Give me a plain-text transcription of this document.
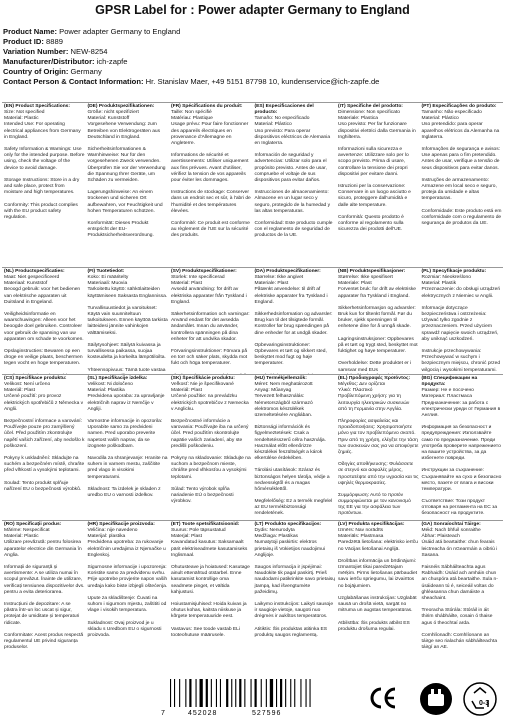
GPSR Label for : Power adapter Germany to England
Product Name: Power adapter Germany to England
Product ID: 8889
Variation Number: NEW-8254
Manufacturer/Distributor: ich-zapfe
Country of Origin: Germany
Contact Person & Contact Information: Hr. Stanislav Maer, +49 5151 87798 10, kundenservice@ich-zapfe.de
(EN) Product Specifications:
Size: Not specified
Material: Plastic
Intended Use: For operating electrical appliances from Germany in England.

Safety Information & Warnings: Use only for the intended purpose. Before using, check the voltage of the device to avoid damage.

Storage Instructions: Store in a dry and safe place, protect from moisture and high temperatures.

Conformity: This product complies with the EU product safety regulation.
(DE) Produktspezifikationen:
Größe: nicht spezifiziert
Material: Kunststoff
Vorgesehene Verwendung: zum Betreiben von Elektrogeräten aus Deutschland in England.

Sicherheitsinformationen & Warnhinweise: Nur für den vorgesehenen Zweck verwenden. Überprüfen Sie vor der Verwendung die Spannung Ihrer Geräte, um Schäden zu vermeiden.

Lagerungshinweise: An einem trockenen und sicheren Ort aufbewahren, vor Feuchtigkeit und hohen Temperaturen schützen.

Konformität: Dieses Produkt entspricht der EU-Produktsicherheitsverordnung.
(FR) Spécifications du produit:
Taille: Non spécifié
Matériau: Plastique
Usage prévu: Pour faire fonctionner des appareils électriques en provenance d'Allemagne en Angleterre.

Informations de sécurité et avertissements: Utiliser uniquement aux fins prévues. Avant d'utiliser, vérifiez la tension de vos appareils pour éviter les dommages.

Instructions de stockage: Conserver dans un endroit sec et sûr, à l'abri de l'humidité et des températures élevées.

Conformité: Ce produit est conforme au règlement de l'UE sur la sécurité des produits.
(ES) Especificaciones del producto:
Tamaño: No especificado
Material: Plástico
Uso previsto: Para operar dispositivos eléctricos de Alemania en Inglaterra.

Información de seguridad y advertencias: Utilizar solo para el propósito previsto. Antes de usar, compruebe el voltaje de sus dispositivos para evitar daños.

Instrucciones de almacenamiento: Almacene en un lugar seco y seguro, protegido de la humedad y las altas temperaturas.

Conformidad: Este producto cumple con el reglamento de seguridad de productos de la UE.
(IT) Specifiche del prodotto:
Dimensione: Non specificato
Materiale: Plastica
Uso previsto: Per far funzionare dispositivi elettrici dalla Germania in Inghilterra.

Informazioni sulla sicurezza e avvertenze: Utilizzare solo per lo scopo previsto. Prima di usare, controllare la tensione dei propri dispositivi per evitare danni.

Istruzioni per la conservazione: Conservare in un luogo asciutto e sicuro, proteggere dall'umidità e dalle alte temperature.

Conformità: Questo prodotto è conforme al regolamento sulla sicurezza dei prodotti dell'UE.
(PT) Especificações do produto:
Tamanho: Não especificado
Material: Plástico
Uso pretendido: para operar aparelhos elétricos da Alemanha na Inglaterra.

Informações de segurança e avisos: Use apenas para o fim pretendido. Antes de usar, verifique a tensão de seus dispositivos para evitar danos.

Instruções de armazenamento: Armazene em local seco e seguro, proteja da umidade e altas temperaturas.

Conformidade: Este produto está em conformidade com o regulamento de segurança de produtos da UE.
(NL) Productspecificaties:
Maat: Niet gespecificeerd
Materiaal: Kunststof
Beoogd gebruik: voor het bedienen van elektrische apparaten uit Duitsland in Engeland.

Veiligheidsinformatie en waarschuwingen: Alleen voor het beoogde doel gebruiken. Controleer voor gebruik de spanning van uw apparaten om schade te voorkomen.

Opslaginstructies: Bewaren op een droge en veilige plaats, beschermen tegen vocht en hoge temperaturen.

(FI) Tuotetiedot:
Koko: Ei määritelty
Materiaali: Muovia
Tarkoitettu käyttö: sähkölaitteiden käyttämiseen Saksasta Englannissa.

Turvallisuustiedot ja varoitukset: Käytä vain suunniteltuun tarkoitukseen. Ennen käyttöä tarkista laitteidesi jännite vahinkojen välttämiseksi.

Säilytysohjeet: Säilytä kuivassa ja turvallisessa paikassa, suojaa kosteudelta ja korkeilta lämpötiloilta.

Yhteensopivuus: Tämä tuote vastaa
(SV) Produktspecifikationer:
Storlek: Inte specificerad
Material: Plast
Avsedd användning: för drift av elektriska apparater från Tyskland i England.

Säkerhetsinformation och varningar: Använd endast för det avsedda ändamålet. Innan du använder, kontrollera spänningen på dina enheter för att undvika skador.

Förvaringsinstruktioner: Förvara på en torr och säker plats, skydda mot fukt och höga temperaturer.

(DA) Produktspecifikationer:
Størrelse: Ikke angivet
Materiale: Plast
Påtænkt anvendelse: til drift af elektriske apparater fra Tyskland i England.

Sikkerhedsinformation og advarsler: Brug kun til det tilsigtede formål. Kontroller før brug spændingen på dine enheder for at undgå skader.

Opbevaringsinstruktioner: Opbevares et tørt og sikkert sted, beskyttet mod fugt og høje temperaturer.

(NB) Produktspesifikasjoner:
Størrelse: Ikke spesifisert
Materiale: Plast
Forventet bruk: for drift av elektriske apparater fra Tyskland i England.

Sikkerhetsinformasjon og advarsler: Bruk kun for tiltenkt formål. Før du bruker, sjekk spenningen til enhetene dine for å unngå skade.

Lagringsinstruksjoner: Oppbevares på et tørt og trygt sted, beskyttet mot fuktighet og høye temperaturer.

Overholdelse: Dette produktet er i samsvar med EUs
(PL) Specyfikacje produktu:
Rozmiar: Nieokreślono
Materiał: Plastik
Przeznaczenie: do obsługi urządzeń elektrycznych z Niemiec w Anglii.

Informacje dotyczące bezpieczeństwa i ostrzeżenia: Używać tylko zgodnie z przeznaczeniem. Przed użyciem sprawdź napięcie swoich urządzeń, aby uniknąć uszkodzeń.

Instrukcje przechowywania: Przechowywać w suchym i bezpiecznym miejscu, chronić przed wilgocią i wysokimi temperaturami.

(CS) Specifikace produktu:
Velikost: Není určeno
Materiál: Plast
Určené použití: pro provoz elektrických spotřebičů z Německa v Anglii.

Bezpečnostní informace a varování: Používejte pouze pro zamýšlený účel. Před použitím zkontrolujte napětí vašich zařízení, aby nedošlo k poškození.

Pokyny k uskladnění: Skladujte na suchém a bezpečném místě, chraňte před vlhkostí a vysokými teplotami.

Soulad: Tento produkt splňuje nařízení EU o bezpečnosti výrobků.
(SL) Specifikacije izdelka:
Velikost: Ni določeno
Material: Plastika
Predvidena uporaba: za upravljanje električnih naprav iz Nemčije v Angliji.

Varnostne informacije in opozorila: Uporabite samo za predvideni namen. Pred uporabo preverite napetost vaših naprav, da se izognete poškodbam.

Navodila za shranjevanje: Hranite na suhem in varnem mestu, zaščitite pred vlago in visokimi temperaturami.

Skladnost: Ta izdelek je skladen z uredbo EU o varnosti izdelkov.
(SK) Špecifikácie produktu:
Veľkosť: Nie je špecifikované
Materiál: Plast
Určené použitie: na prevádzku elektrických spotrebičov z Nemecka v Anglicku.

Bezpečnostné informácie a varovania: Používajte iba na určený účel. Pred použitím skontrolujte napätie vašich zariadení, aby ste predišli poškodeniu.

Pokyny na skladovanie: Skladujte na suchom a bezpečnom mieste, chráňte pred vlhkosťou a vysokými teplotami.

Súlad: Tento výrobok spĺňa nariadenie EÚ o bezpečnosti výrobkov.
(HU) Termékjellemzők:
Méret: Nem meghatározott
Anyag: Műanyag
Tervezett felhasználás: Németországból származó elektromos készülékek üzemeltetésére Angliában.

Biztonsági információk és figyelmeztetések: Csak a rendeltetésszerű célra használja. Használat előtt ellenőrizze készülékei feszültségét a károk elkerülése érdekében.

Tárolási utasítások: Száraz és biztonságos helyen tárolja, védje a nedvességtől és a magas hőmérséklettől.

Megfelelőség: Ez a termék megfelel az EU termékbiztonsági rendeletének.
(EL) Προδιαγραφές προϊόντος:
Μέγεθος: Δεν ορίζεται
Υλικό: Πλαστικό
Προβλεπόμενη χρήση: για τη λειτουργία ηλεκτρικών συσκευών από τη Γερμανία στην Αγγλία.

Πληροφορίες ασφαλείας και προειδοποιήσεις: Χρησιμοποιήστε μόνο για τον προβλεπόμενο σκοπό. Πριν από τη χρήση, ελέγξτε την τάση των συσκευών σας για να αποφύγετε ζημιές.

Οδηγίες αποθήκευσης: Φυλάσσετε σε στεγνό και ασφαλές μέρος, προστατέψτε από την υγρασία και τις υψηλές θερμοκρασίες.

Συμμόρφωση: Αυτό το προϊόν συμμορφώνεται με τον κανονισμό της ΕΕ για την ασφάλεια των προϊόντων.
(BG) Спецификации на продукта:
Размер: Не е посочено
Материал: Пластмаса
Предназначение: за работа с електрически уреди от Германия в Англия.

Информация за безопасност и предупреждения: Използвайте само по предназначение. Преди употреба проверете напрежението на вашите устройства, за да избегнете повреди.

Инструкции за съхранение: Съхранявайте на сухо и безопасно място, пазете от влага и високи температури.

Съответствие: Този продукт отговаря на регламента на ЕС за безопасност на продуктите.
(RO) Specificații produs:
Mărime: Nespecificat
Material: Plastic
Utilizare prevăzută: pentru folosirea aparatelor electrice din Germania în Anglia.

Informații de siguranță și avertismente: A se utiliza numai în scopul prevăzut. Înainte de utilizare, verificați tensiunea dispozitivelor dvs. pentru a evita deteriorarea.

Instrucțiuni de depozitare: A se păstra într-un loc uscat și sigur, protejat de umiditate și temperaturi ridicate.

Conformitate: Acest produs respectă regulamentul UE privind siguranța produselor.
(HR) Specifikacije proizvoda:
Veličina: nije navedeno
Materijal: plastika
Predviđena upotreba: za rukovanje električnim uređajima iz Njemačke u Engleskoj.

Sigurnosne informacije i upozorenja: Koristite samo za predviđenu svrhu. Prije upotrebe provjerite napon vaših uređaja kako biste izbjegli oštećenja.

Upute za skladištenje: Čuvati na suhom i sigurnom mjestu, zaštititi od vlage i visokih temperatura.

Sukladnost: Ovaj proizvod je u skladu s Uredbom EU o sigurnosti proizvoda.
(ET) Toote spetsifikatsioonid:
Suurus: Pole täpsustatud
Materjal: Plast
Kavandatud kasutus: Saksamaalt pärit elektriseadmete kasutamiseks Inglismaal.

Ohutusteave ja hoiatused: Kasutage ainult ettenähtud otstarbel. Enne kasutamist kontrollige oma seadmete pinget, et vältida kahjustusi.

Hoiustamisjuhised: Hoida kuivas ja ohutus kohas, kaitsta niiskuse ja kõrgete temperatuuride eest.

Vastavus: See toode vastab ELi tooteohutuse määrusele.
(LT) Produkto specifikacijos:
Dydis: Nenurodyta
Medžiaga: Plastikas
Numatytoji paskirtis: elektros prietaisų iš Vokietijos naudojimui Anglijoje.

Saugos informacija ir įspėjimai: Naudokite tik pagal paskirtį. Prieš naudodami patikrinkite savo prietaisų įtampą, kad išvengtumėte pažeidimų.

Laikymo instrukcijos: Laikyti sausoje ir saugioje vietoje, saugoti nuo drėgmės ir aukštos temperatūros.

Atitiktis: Šis produktas atitinka ES produktų saugos reglamentą.
(LV) Produkta specifikācijas:
Izmērs: Nav norādīts
Materiāls: Plastmasa
Paredzētā lietošana: elektrisko ierīču no Vācijas lietošanai Anglijā.

Drošības informācija un brīdinājumi: Izmantojiet tikai paredzētajam mērķim. Pirms lietošanas pārbaudiet savu ierīču spriegumu, lai izvairītos no bojājumiem.

Uzglabāšanas instrukcijas: Uzglabāt sausā un drošā vietā, sargāt no mitruma un augstas temperatūras.

Atbilstība: Šis produkts atbilst ES produktu drošuma regulai.
(GA) Sonraíochtaí Táirge:
Méid: Nach bhfuil sonraithe
Ábhar: Plaisteach
Úsáid atá beartaithe: chun fearais leictreacha ón nGearmáin a oibriú i Sasana.

Faisnéis Sábháilteachta agus Rabhaidh: Úsáid ach amháin chun an chuspóra atá beartaithe. Sula n-úsáideann tú é, seiceáil voltas do ghléasanna chun damáiste a sheachaint.

Treoracha Stórála: Stóráil in áit thirim shábháilte, cosain ó thaise agus ó theochtaí arda.

Comhlíonadh: Comhlíonann an táirge seo rialachán sábháilteachta táirgí an AE.
7	452028	527596
0-3
